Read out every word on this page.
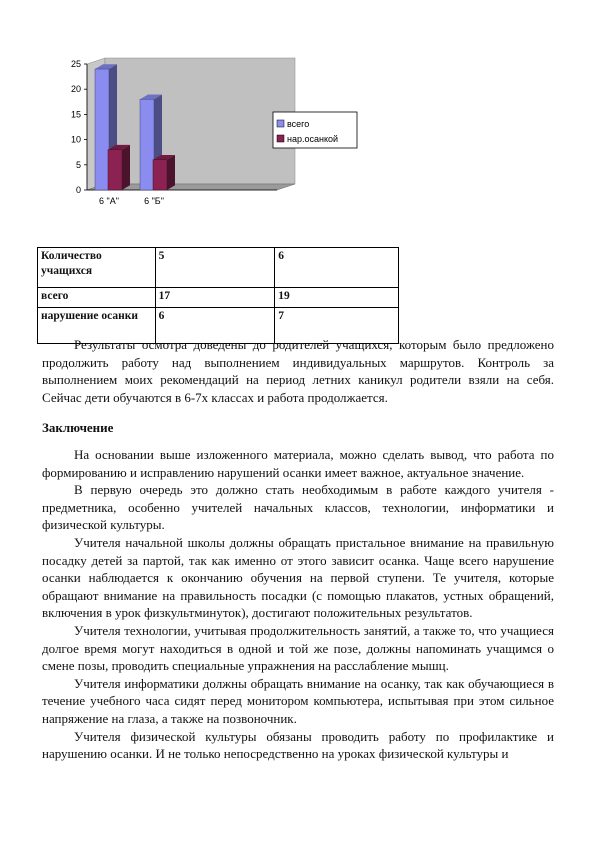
0
5
10
15
20
25
6 "А"	6 "Б"
всего
нар.осанкой
Количество учащихся	5	6
всего	17	19
нарушение осанки	6	7

Результаты осмотра доведены до родителей учащихся, которым было предложено продолжить работу над выполнением индивидуальных маршрутов. Контроль за выполнением моих рекомендаций на период летних каникул родители взяли на себя. Сейчас дети обучаются в 6-7х классах и работа продолжается.

Заключение

На основании выше изложенного материала, можно сделать вывод, что работа по формированию и исправлению нарушений осанки имеет важное, актуальное значение.

В первую очередь это должно стать необходимым в работе каждого учителя - предметника, особенно учителей начальных классов, технологии, информатики и физической культуры.

Учителя начальной школы должны обращать пристальное внимание на правильную посадку детей за партой, так как именно от этого зависит осанка. Чаще всего нарушение осанки наблюдается к окончанию обучения на первой ступени. Те учителя, которые обращают внимание на правильность посадки (с помощью плакатов, устных обращений, включения в урок физкультминуток), достигают положительных результатов.

Учителя технологии, учитывая продолжительность занятий, а также то, что учащиеся долгое время могут находиться в одной и той же позе, должны напоминать учащимся о смене позы, проводить специальные упражнения на расслабление мышц.

Учителя информатики должны обращать внимание на осанку, так как обучающиеся в течение учебного часа сидят перед монитором компьютера, испытывая при этом сильное напряжение на глаза, а также на позвоночник.

Учителя физической культуры обязаны проводить работу по профилактике и нарушению осанки. И не только непосредственно на уроках физической культуры и
